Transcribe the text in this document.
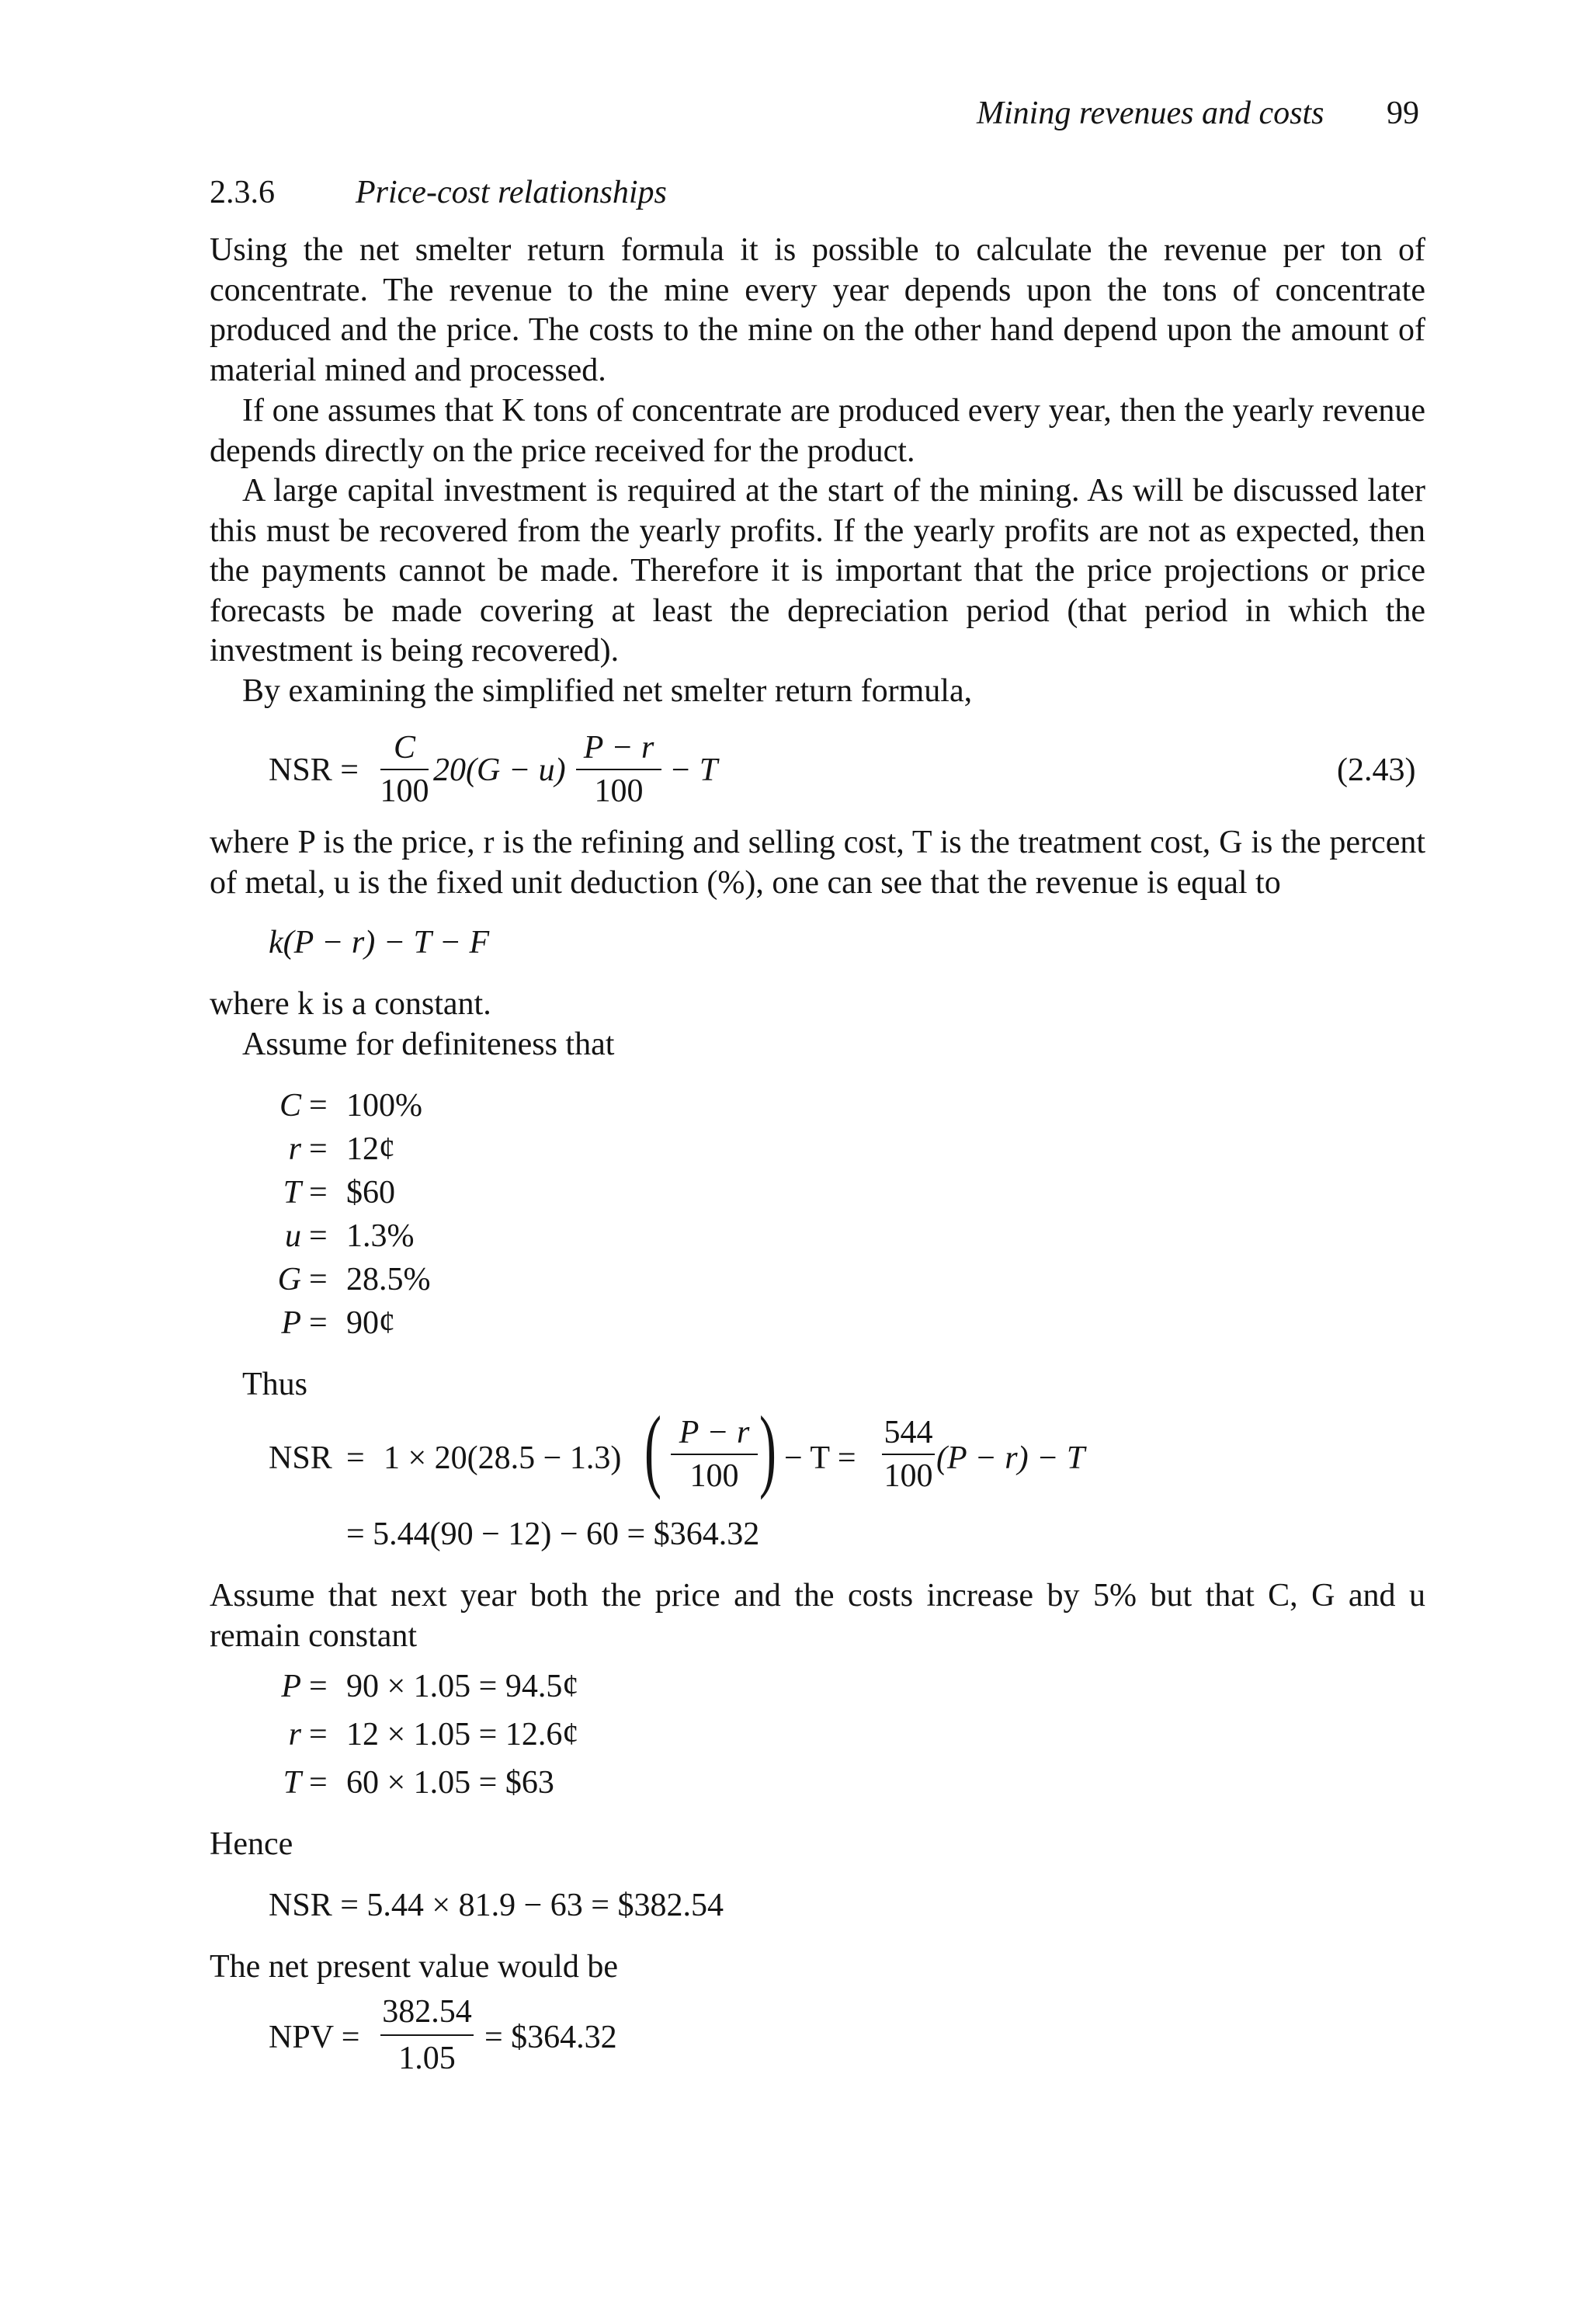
Mining revenues and costs 99
2.3.6 Price-cost relationships
Using the net smelter return formula it is possible to calculate the revenue per ton of concentrate. The revenue to the mine every year depends upon the tons of concentrate produced and the price. The costs to the mine on the other hand depend upon the amount of material mined and processed.
If one assumes that K tons of concentrate are produced every year, then the yearly revenue depends directly on the price received for the product.
A large capital investment is required at the start of the mining. As will be discussed later this must be recovered from the yearly profits. If the yearly profits are not as expected, then the payments cannot be made. Therefore it is important that the price projections or price forecasts be made covering at least the depreciation period (that period in which the investment is being recovered).
By examining the simplified net smelter return formula,
NSR =
C
100
20(G − u)
P − r
100
− T	(2.43)
where P is the price, r is the refining and selling cost, T is the treatment cost, G is the percent of metal, u is the fixed unit deduction (%), one can see that the revenue is equal to
k(P − r) − T − F
where k is a constant.
Assume for definiteness that
C = 100%
r = 12¢
T = $60
u = 1.3%
G = 28.5%
P = 90¢
Thus
NSR = 1 × 20(28.5 − 1.3) ( P − r
100 ) − T =
544
100 (P − r) − T
= 5.44(90 − 12) − 60 = $364.32
Assume that next year both the price and the costs increase by 5% but that C, G and u remain constant
P = 90 × 1.05 = 94.5¢
r = 12 × 1.05 = 12.6¢
T = 60 × 1.05 = $63
Hence
NSR = 5.44 × 81.9 − 63 = $382.54
The net present value would be
NPV =
382.54
1.05
= $364.32
